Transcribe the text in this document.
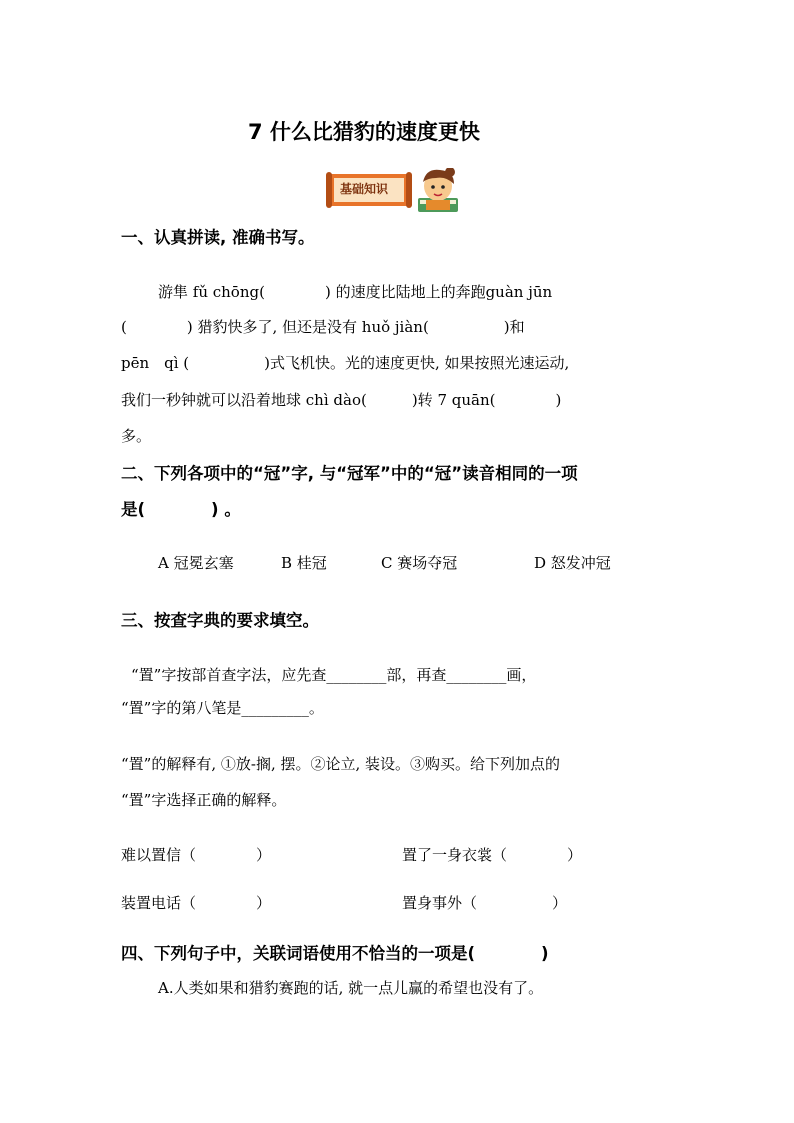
7 什么比猎豹的速度更快
基础知识
一、认真拼读, 准确书写。
游隼 fǔ chōng(　　　　) 的速度比陆地上的奔跑guàn jūn
(　　　　) 猎豹快多了, 但还是没有 huǒ jiàn(　　　　　)和
pēn　qì (　　　　　)式飞机快。光的速度更快, 如果按照光速运动,
我们一秒钟就可以沿着地球 chì dào(　　　)转 7 quān(　　　　)
多。
二、下列各项中的“冠”字, 与“冠军”中的“冠”读音相同的一项
是(　　　　) 。
A 冠冕玄塞	B 桂冠	C 赛场夺冠	D 怒发冲冠
三、按查字典的要求填空。
“置”字按部首查字法，应先查________部，再查________画，
“置”字的第八笔是_________。
“置”的解释有, ①放-搁, 摆。②论立, 装设。③购买。给下列加点的
“置”字选择正确的解释。
难以置信（　　　　）	置了一身衣裳（　　　　）
装置电话（　　　　）	置身事外（　　　　　）
四、下列句子中，关联词语使用不恰当的一项是(　　　　)
A.人类如果和猎豹赛跑的话, 就一点儿赢的希望也没有了。
